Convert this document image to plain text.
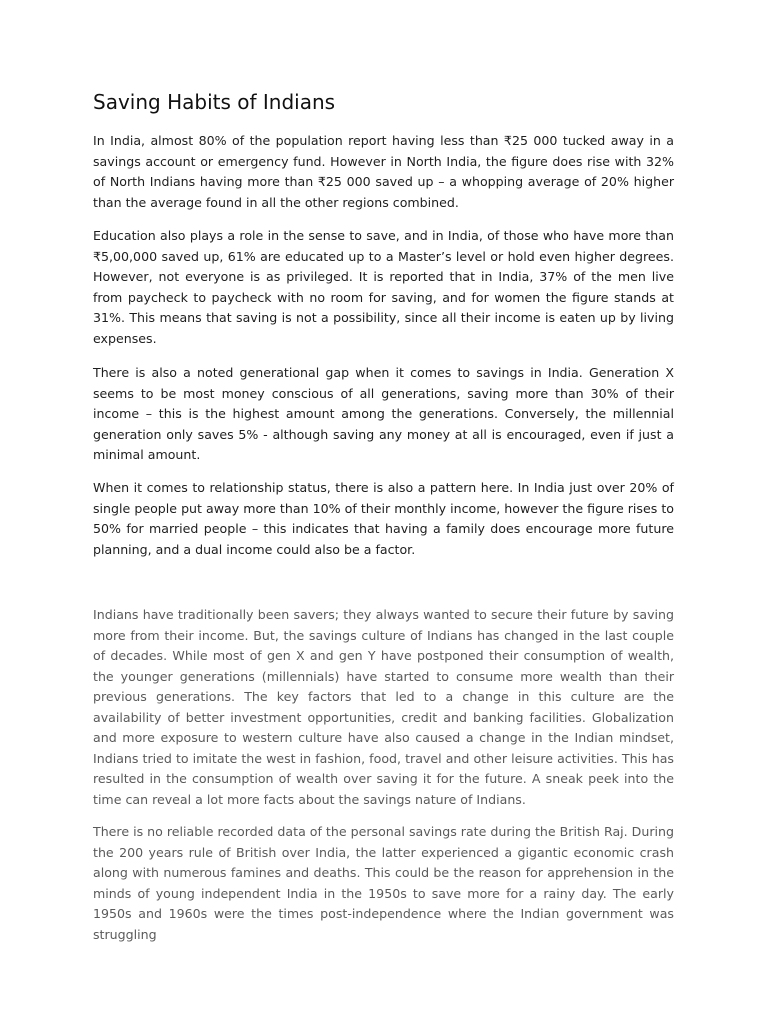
Saving Habits of Indians

In India, almost 80% of the population report having less than ₹25 000 tucked away in a savings account or emergency fund. However in North India, the figure does rise with 32% of North Indians having more than ₹25 000 saved up – a whopping average of 20% higher than the average found in all the other regions combined.

Education also plays a role in the sense to save, and in India, of those who have more than ₹5,00,000 saved up, 61% are educated up to a Master’s level or hold even higher degrees. However, not everyone is as privileged. It is reported that in India, 37% of the men live from paycheck to paycheck with no room for saving, and for women the figure stands at 31%. This means that saving is not a possibility, since all their income is eaten up by living expenses.

There is also a noted generational gap when it comes to savings in India. Generation X seems to be most money conscious of all generations, saving more than 30% of their income – this is the highest amount among the generations. Conversely, the millennial generation only saves 5% - although saving any money at all is encouraged, even if just a minimal amount.

When it comes to relationship status, there is also a pattern here. In India just over 20% of single people put away more than 10% of their monthly income, however the figure rises to 50% for married people – this indicates that having a family does encourage more future planning, and a dual income could also be a factor.

Indians have traditionally been savers; they always wanted to secure their future by saving more from their income. But, the savings culture of Indians has changed in the last couple of decades. While most of gen X and gen Y have postponed their consumption of wealth, the younger generations (millennials) have started to consume more wealth than their previous generations. The key factors that led to a change in this culture are the availability of better investment opportunities, credit and banking facilities. Globalization and more exposure to western culture have also caused a change in the Indian mindset, Indians tried to imitate the west in fashion, food, travel and other leisure activities. This has resulted in the consumption of wealth over saving it for the future. A sneak peek into the time can reveal a lot more facts about the savings nature of Indians.

There is no reliable recorded data of the personal savings rate during the British Raj. During the 200 years rule of British over India, the latter experienced a gigantic economic crash along with numerous famines and deaths. This could be the reason for apprehension in the minds of young independent India in the 1950s to save more for a rainy day. The early 1950s and 1960s were the times post-independence where the Indian government was struggling
